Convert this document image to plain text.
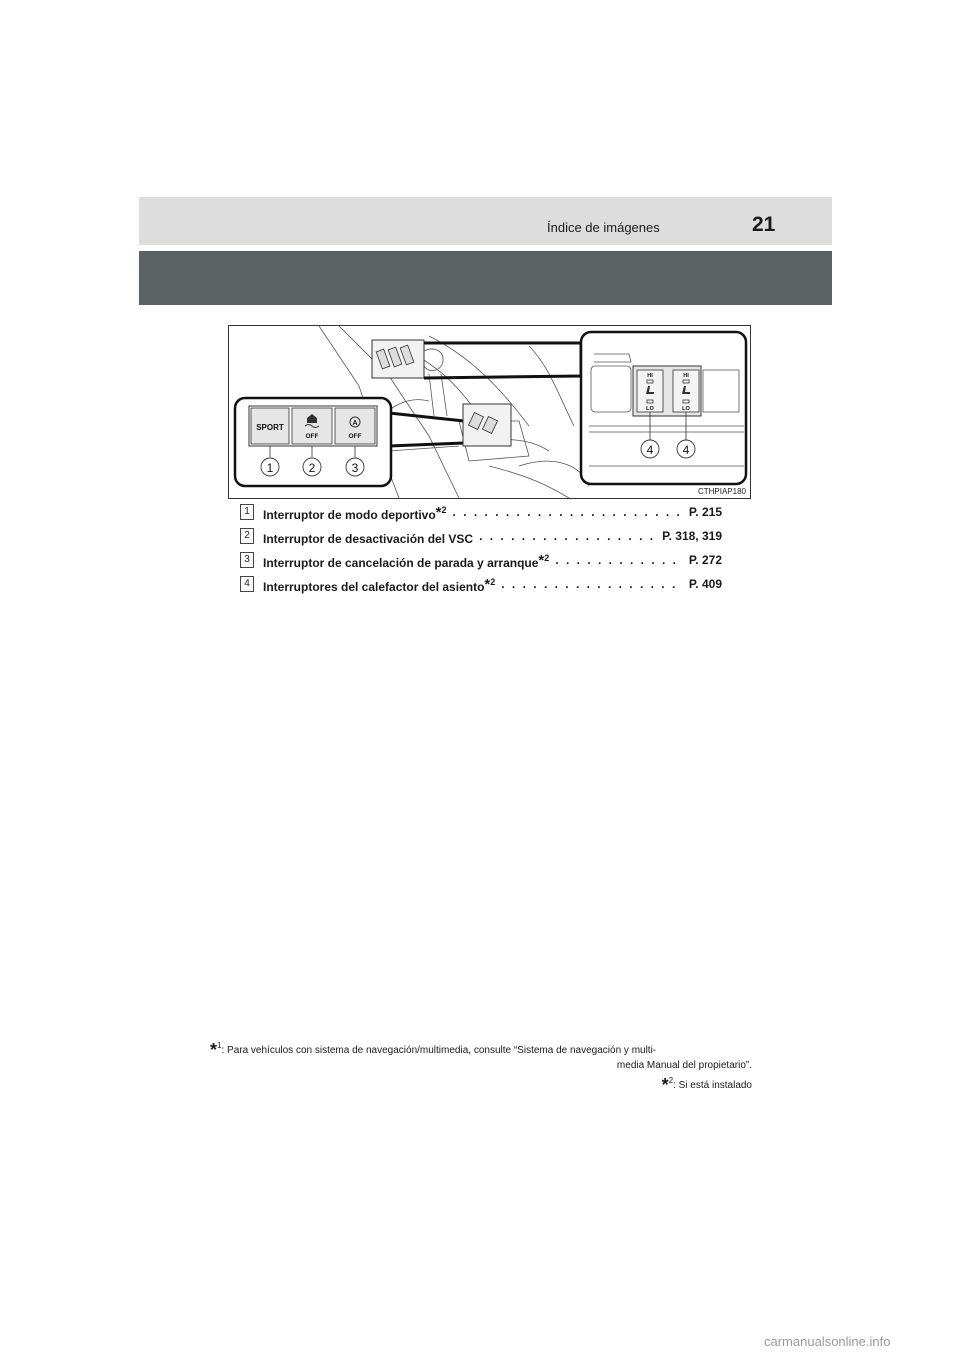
Índice de imágenes	21
SPORT
OFF
A
OFF
1	2	3
HI	HI
LO	LO
4 4
CTHPIAP180
1	Interruptor de modo deportivo*$^2$ . . .	P. 215
2	Interruptor de desactivación del VSC . . .	P. 318, 319
3	Interruptor de cancelación de parada y arranque*$^2$ . . .	P. 272
4	Interruptores del calefactor del asiento*$^2$ . . .	P. 409
*$^1$: Para vehículos con sistema de navegación/multimedia, consulte “Sistema de navegación y multi-
media Manual del propietario”.
*$^2$: Si está instalado
carmanualsonline.info
